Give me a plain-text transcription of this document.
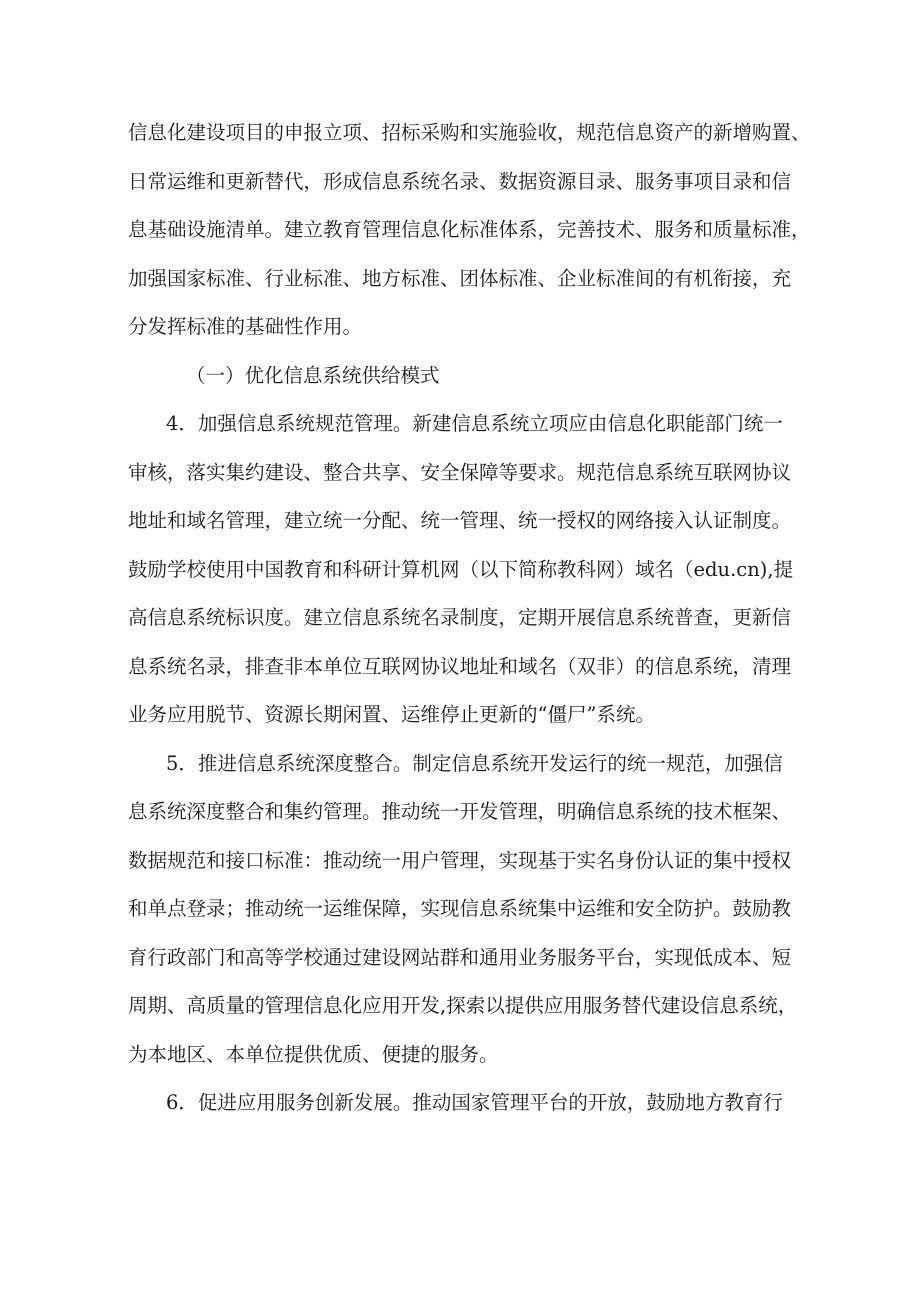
信息化建设项目的申报立项、招标采购和实施验收，规范信息资产的新增购置、
日常运维和更新替代，形成信息系统名录、数据资源目录、服务事项目录和信
息基础设施清单。建立教育管理信息化标准体系，完善技术、服务和质量标准，
加强国家标准、行业标准、地方标准、团体标准、企业标准间的有机衔接，充
分发挥标准的基础性作用。
（一）优化信息系统供给模式
4．加强信息系统规范管理。新建信息系统立项应由信息化职能部门统一
审核，落实集约建设、整合共享、安全保障等要求。规范信息系统互联网协议
地址和域名管理，建立统一分配、统一管理、统一授权的网络接入认证制度。
鼓励学校使用中国教育和科研计算机网（以下简称教科网）域名（edu.cn),提
高信息系统标识度。建立信息系统名录制度，定期开展信息系统普查，更新信
息系统名录，排查非本单位互联网协议地址和域名（双非）的信息系统，清理
业务应用脱节、资源长期闲置、运维停止更新的“僵尸”系统。
5．推进信息系统深度整合。制定信息系统开发运行的统一规范，加强信
息系统深度整合和集约管理。推动统一开发管理，明确信息系统的技术框架、
数据规范和接口标准：推动统一用户管理，实现基于实名身份认证的集中授权
和单点登录；推动统一运维保障，实现信息系统集中运维和安全防护。鼓励教
育行政部门和高等学校通过建设网站群和通用业务服务平台，实现低成本、短
周期、高质量的管理信息化应用开发,探索以提供应用服务替代建设信息系统，
为本地区、本单位提供优质、便捷的服务。
6．促进应用服务创新发展。推动国家管理平台的开放，鼓励地方教育行
